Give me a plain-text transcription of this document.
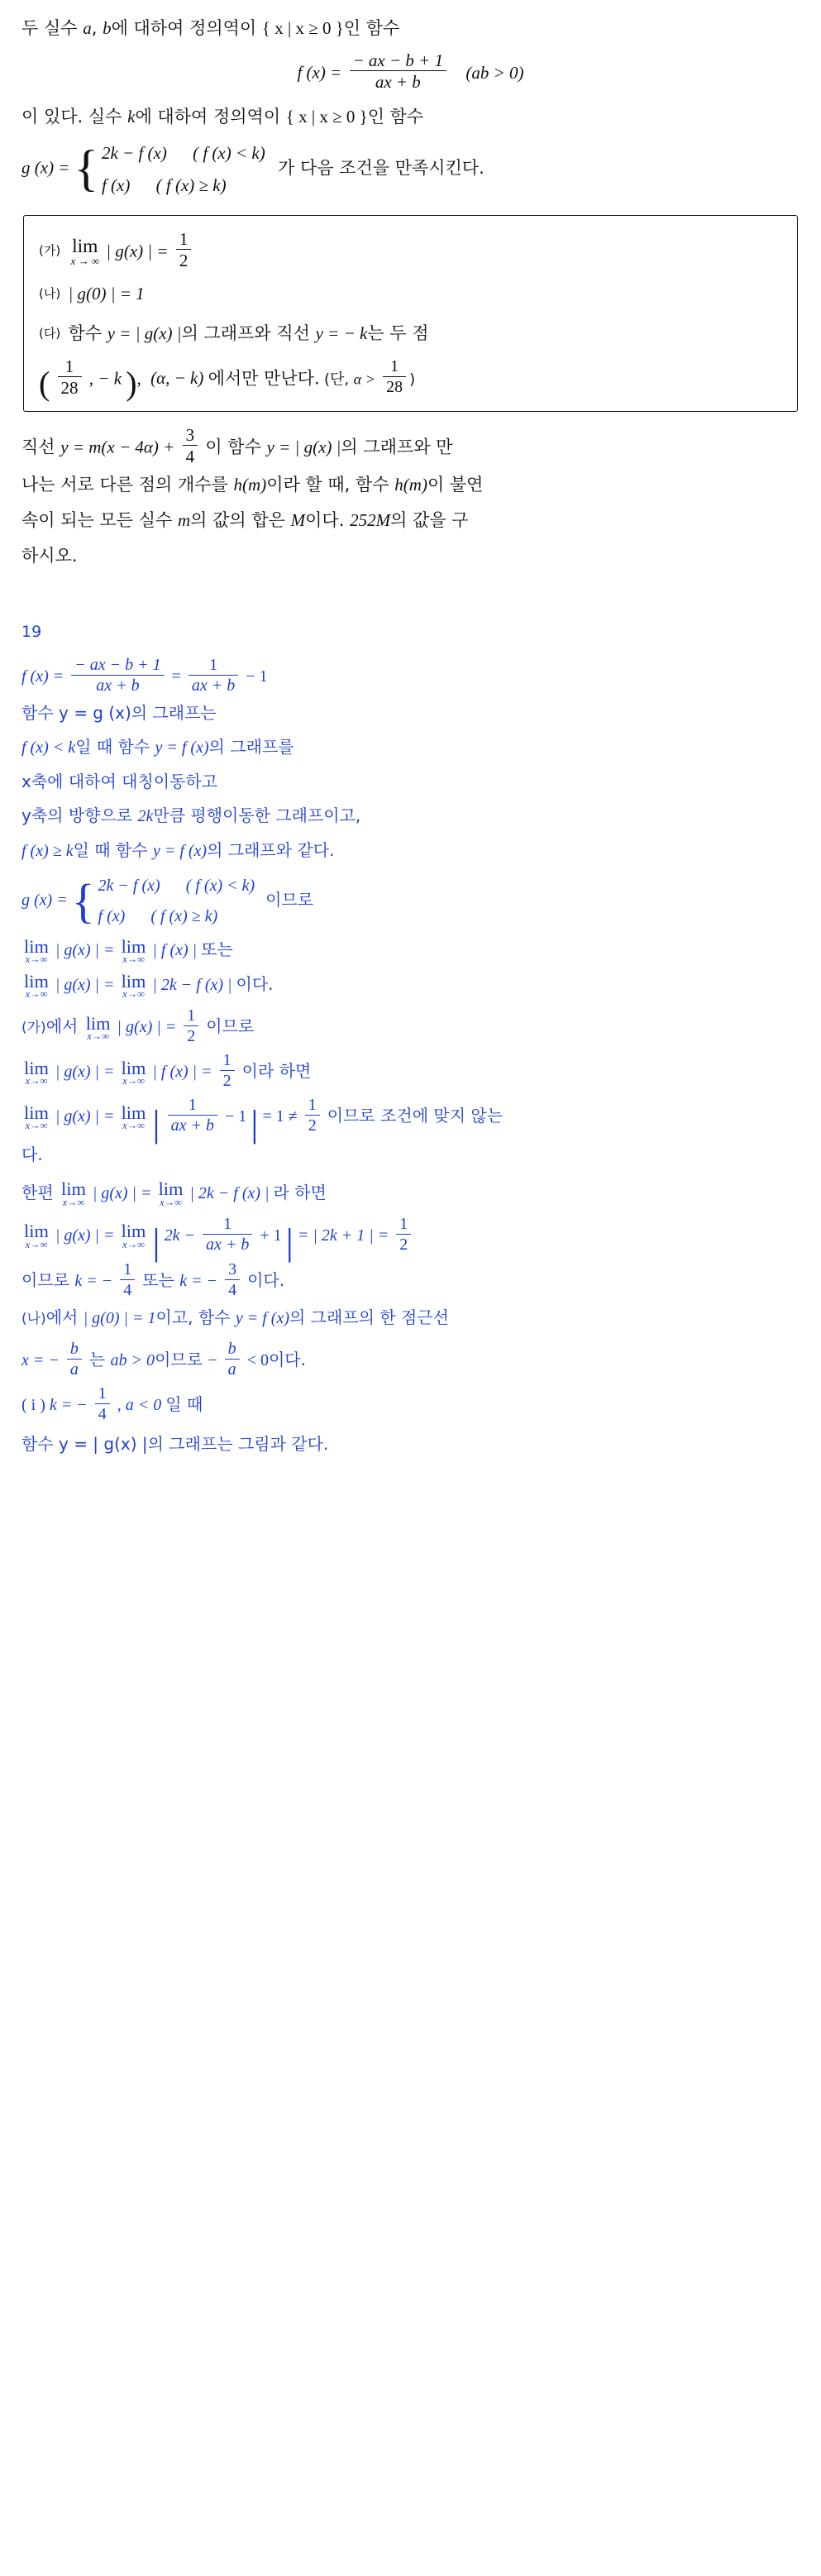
두 실수 a, b에 대하여 정의역이 { x | x ≥ 0 }인 함수
f $(x) = \frac{- ax - b + 1}{ax + b} (ab > 0)$
이 있다. 실수 k에 대하여 정의역이 { x | x ≥ 0 }인 함수
g (x) = { 2k − f (x) ( f (x) < k)
f (x) ( f (x) ≥ k)
가 다음 조건을 만족시킨다.
(가) lim
x → ∞ | g(x) | = $\frac{1}{2}$
(나) | g(0) | = 1
(다) 함수 y = | g(x) |의 그래프와 직선 y = − k는 두 점
( $\frac{1}{28}$ , − k ), (α, − k) 에서만 만난다. (단, $\alpha > \frac{1}{28}$ )
직선 $y = m(x - 4\alpha) + \frac{3}{4}$ 이 함수 y = | g(x) |의 그래프와 만
나는 서로 다른 점의 개수를 h(m)이라 할 때, 함수 h(m)이 불연
속이 되는 모든 실수 m의 값의 합은 M이다. 252M의 값을 구
하시오.
19
f $(x) = \frac{- ax - b + 1}{ax + b} = \frac{1}{ax + b} - 1$
함수 y = g (x)의 그래프는
f (x) < k일 때 함수 y = f (x)의 그래프를
x축에 대하여 대칭이동하고
y축의 방향으로 2k만큼 평행이동한 그래프이고,
f (x) ≥ k일 때 함수 y = f (x)의 그래프와 같다.
g (x) = { 2k − f (x) ( f (x) < k)
f (x) ( f (x) ≥ k)
이므로
lim
x→∞ | g(x) | = lim
x→∞ | f (x) | 또는
lim
x→∞ | g(x) | = lim
x→∞ | 2k − f (x) | 이다.
(가)에서 lim
x→∞ | g(x) | = $\frac{1}{2}$ 이므로
lim
x→∞ | g(x) | = lim
x→∞ | f (x) | = $\frac{1}{2}$ 이라 하면
lim
x→∞ | g(x) | = lim
x→∞ | $\frac{1}{ax + b} - 1$ | = $1 \ne \frac{1}{2}$ 이므로 조건에 맞지 않는
다.
한편 lim
x→∞ | g(x) | = lim
x→∞ | 2k − f (x) | 라 하면
lim
x→∞ | g(x) | = lim
x→∞ | $2k - \frac{1}{ax + b} + 1$ | = | 2k + 1 | = $\frac{1}{2}$
이므로 k = − $\frac{1}{4}$ 또는 k = − $\frac{3}{4}$ 이다.
(나)에서 | g(0) | = 1이고, 함수 y = f (x)의 그래프의 한 점근선
x = − $\frac{b}{a}$ 는 ab > 0이므로 − $\frac{b}{a} < 0$이다.
( i ) k = − $\frac{1}{4}$ , a < 0 일 때
함수 y = | g(x) |의 그래프는 그림과 같다.
